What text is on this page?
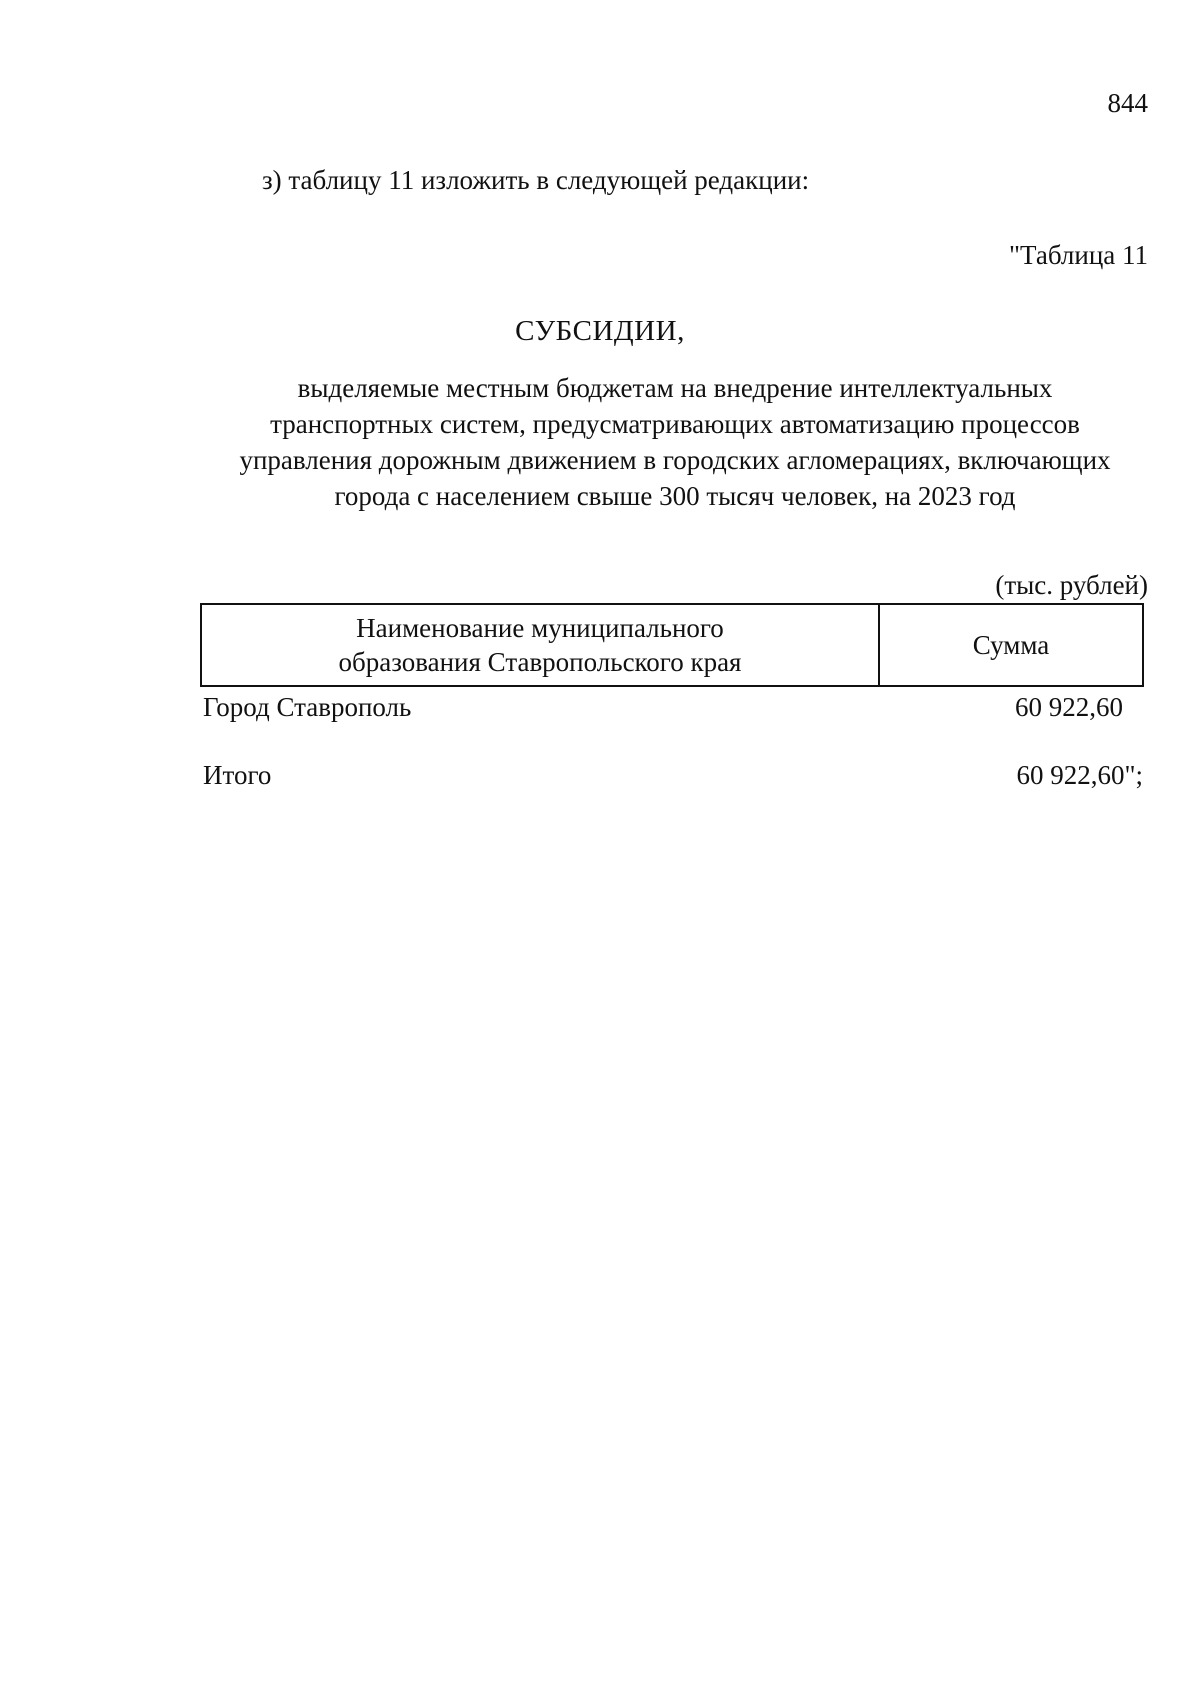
844
з) таблицу 11 изложить в следующей редакции:
"Таблица 11
СУБСИДИИ,
выделяемые местным бюджетам на внедрение интеллектуальных
транспортных систем, предусматривающих автоматизацию процессов
управления дорожным движением в городских агломерациях, включающих
города с населением свыше 300 тысяч человек, на 2023 год
(тыс. рублей)
Наименование муниципального
образования Ставропольского края
Сумма
Город Ставрополь	60 922,60
Итого	60 922,60";
